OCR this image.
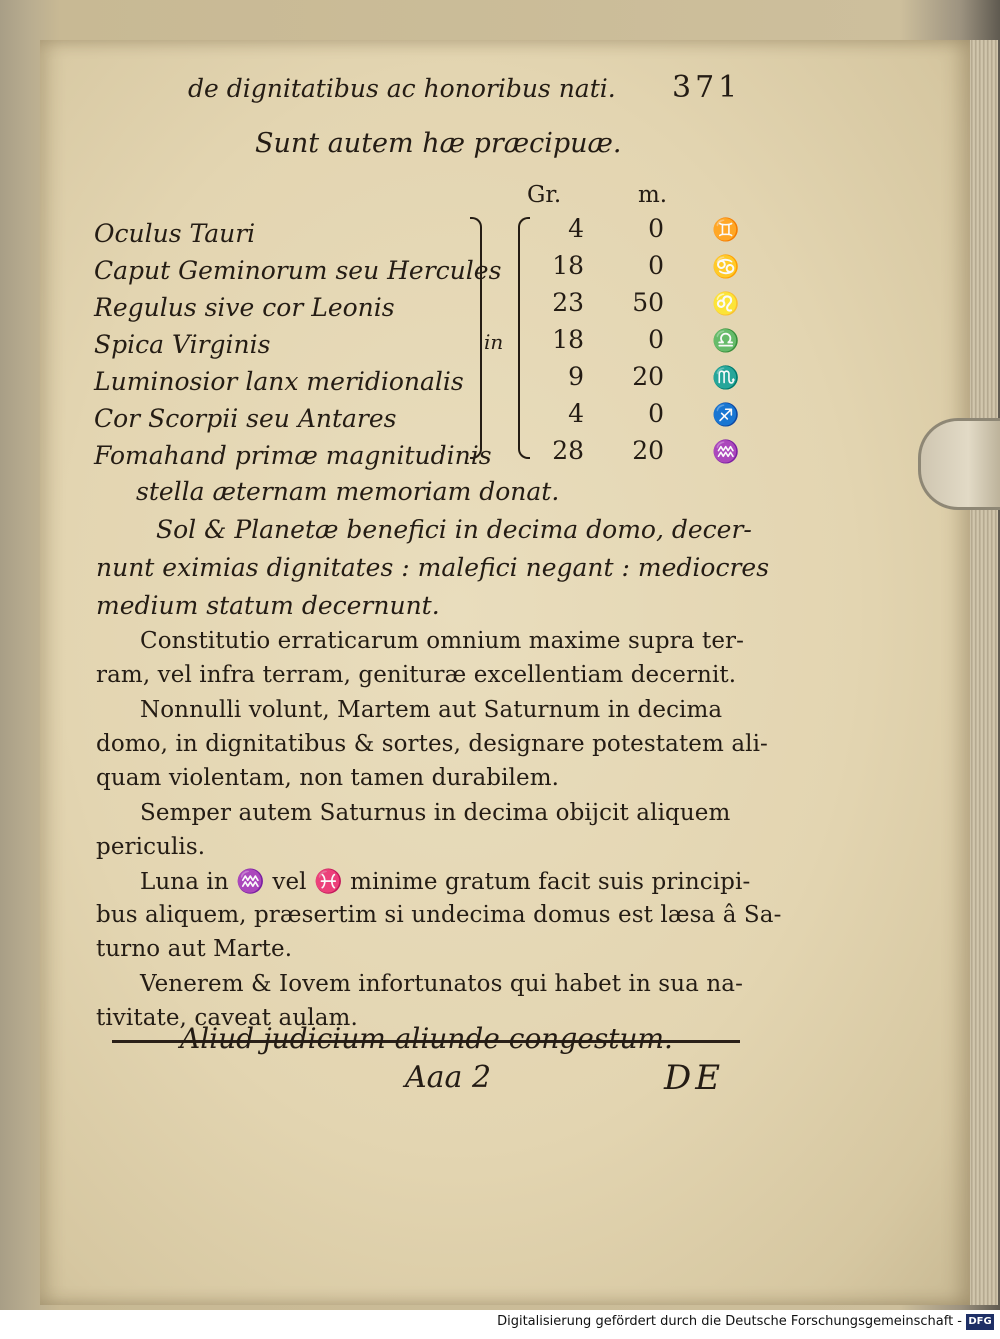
de dignitatibus ac honoribus nati. 371
Sunt autem hæ præcipuæ.
Gr.	m.
in
Oculus Tauri	4	0 ♊
Caput Geminorum seu Hercules	18	0 ♋
Regulus sive cor Leonis	23	50 ♌
Spica Virginis	18	0 ♎
Luminosior lanx meridionalis	9	20 ♏
Cor Scorpii seu Antares	4	0 ♐
Fomahand primæ magnitudinis	28	20 ♒
stella æternam memoriam donat.
Sol & Planetæ benefici in decima domo, decer-
nunt eximias dignitates : malefici negant : mediocres
medium statum decernunt.
Constitutio erraticarum omnium maxime supra ter-
ram, vel infra terram, genituræ excellentiam decernit.
Nonnulli volunt, Martem aut Saturnum in decima
domo, in dignitatibus & sortes, designare potestatem ali-
quam violentam, non tamen durabilem.
Semper autem Saturnus in decima obijcit aliquem
periculis.
Luna in ♒ vel ♓ minime gratum facit suis principi-
bus aliquem, præsertim si undecima domus est læsa â Sa-
turno aut Marte.
Venerem & Iovem infortunatos qui habet in sua na-
tivitate, caveat aulam.
Aliud judicium aliunde congestum.
Aaa 2	DE
Digitalisierung gefördert durch die Deutsche Forschungsgemeinschaft - DFG
